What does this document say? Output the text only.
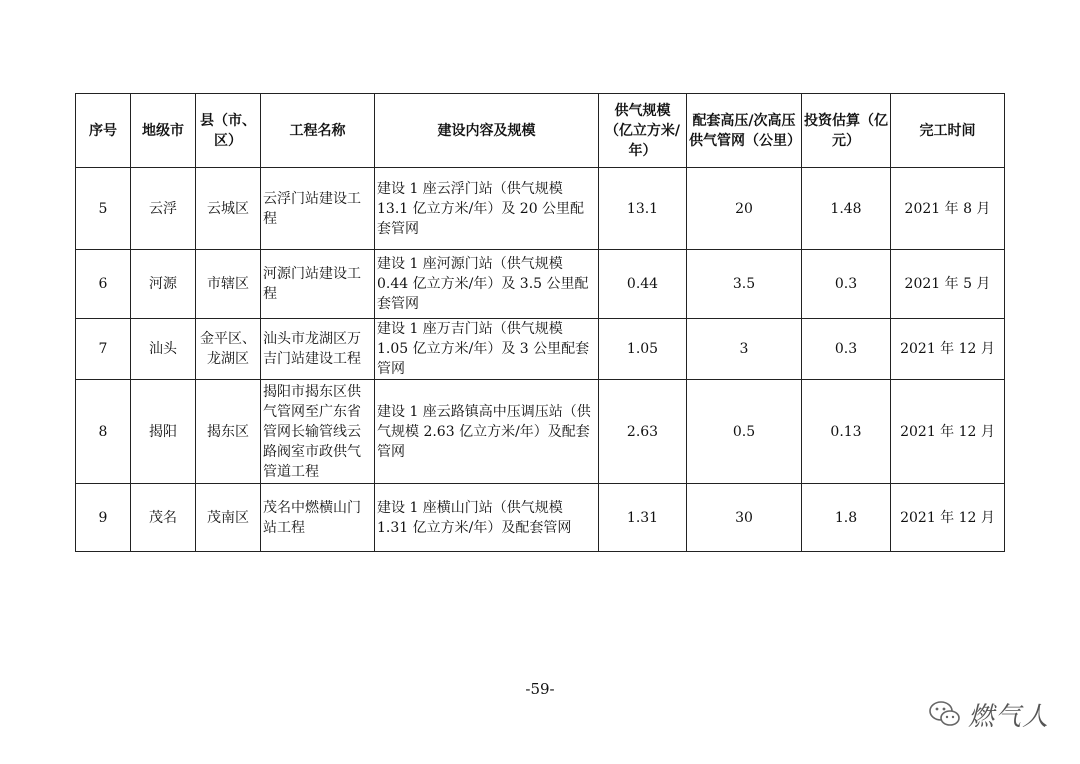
序号	地级市	县（市、区）	工程名称	建设内容及规模	供气规模（亿立方米/年）	配套高压/次高压供气管网（公里）	投资估算（亿元）	完工时间
5	云浮	云城区	云浮门站建设工程	建设 1 座云浮门站（供气规模 13.1 亿立方米/年）及 20 公里配套管网	13.1	20	1.48	2021 年 8 月
6	河源	市辖区	河源门站建设工程	建设 1 座河源门站（供气规模 0.44 亿立方米/年）及 3.5 公里配套管网	0.44	3.5	0.3	2021 年 5 月
7	汕头	金平区、龙湖区	汕头市龙湖区万吉门站建设工程	建设 1 座万吉门站（供气规模 1.05 亿立方米/年）及 3 公里配套管网	1.05	3	0.3	2021 年 12 月
8	揭阳	揭东区	揭阳市揭东区供气管网至广东省管网长输管线云路阀室市政供气管道工程	建设 1 座云路镇高中压调压站（供气规模 2.63 亿立方米/年）及配套管网	2.63	0.5	0.13	2021 年 12 月
9	茂名	茂南区	茂名中燃横山门站工程	建设 1 座横山门站（供气规模 1.31 亿立方米/年）及配套管网	1.31	30	1.8	2021 年 12 月
-59-
燃气人
